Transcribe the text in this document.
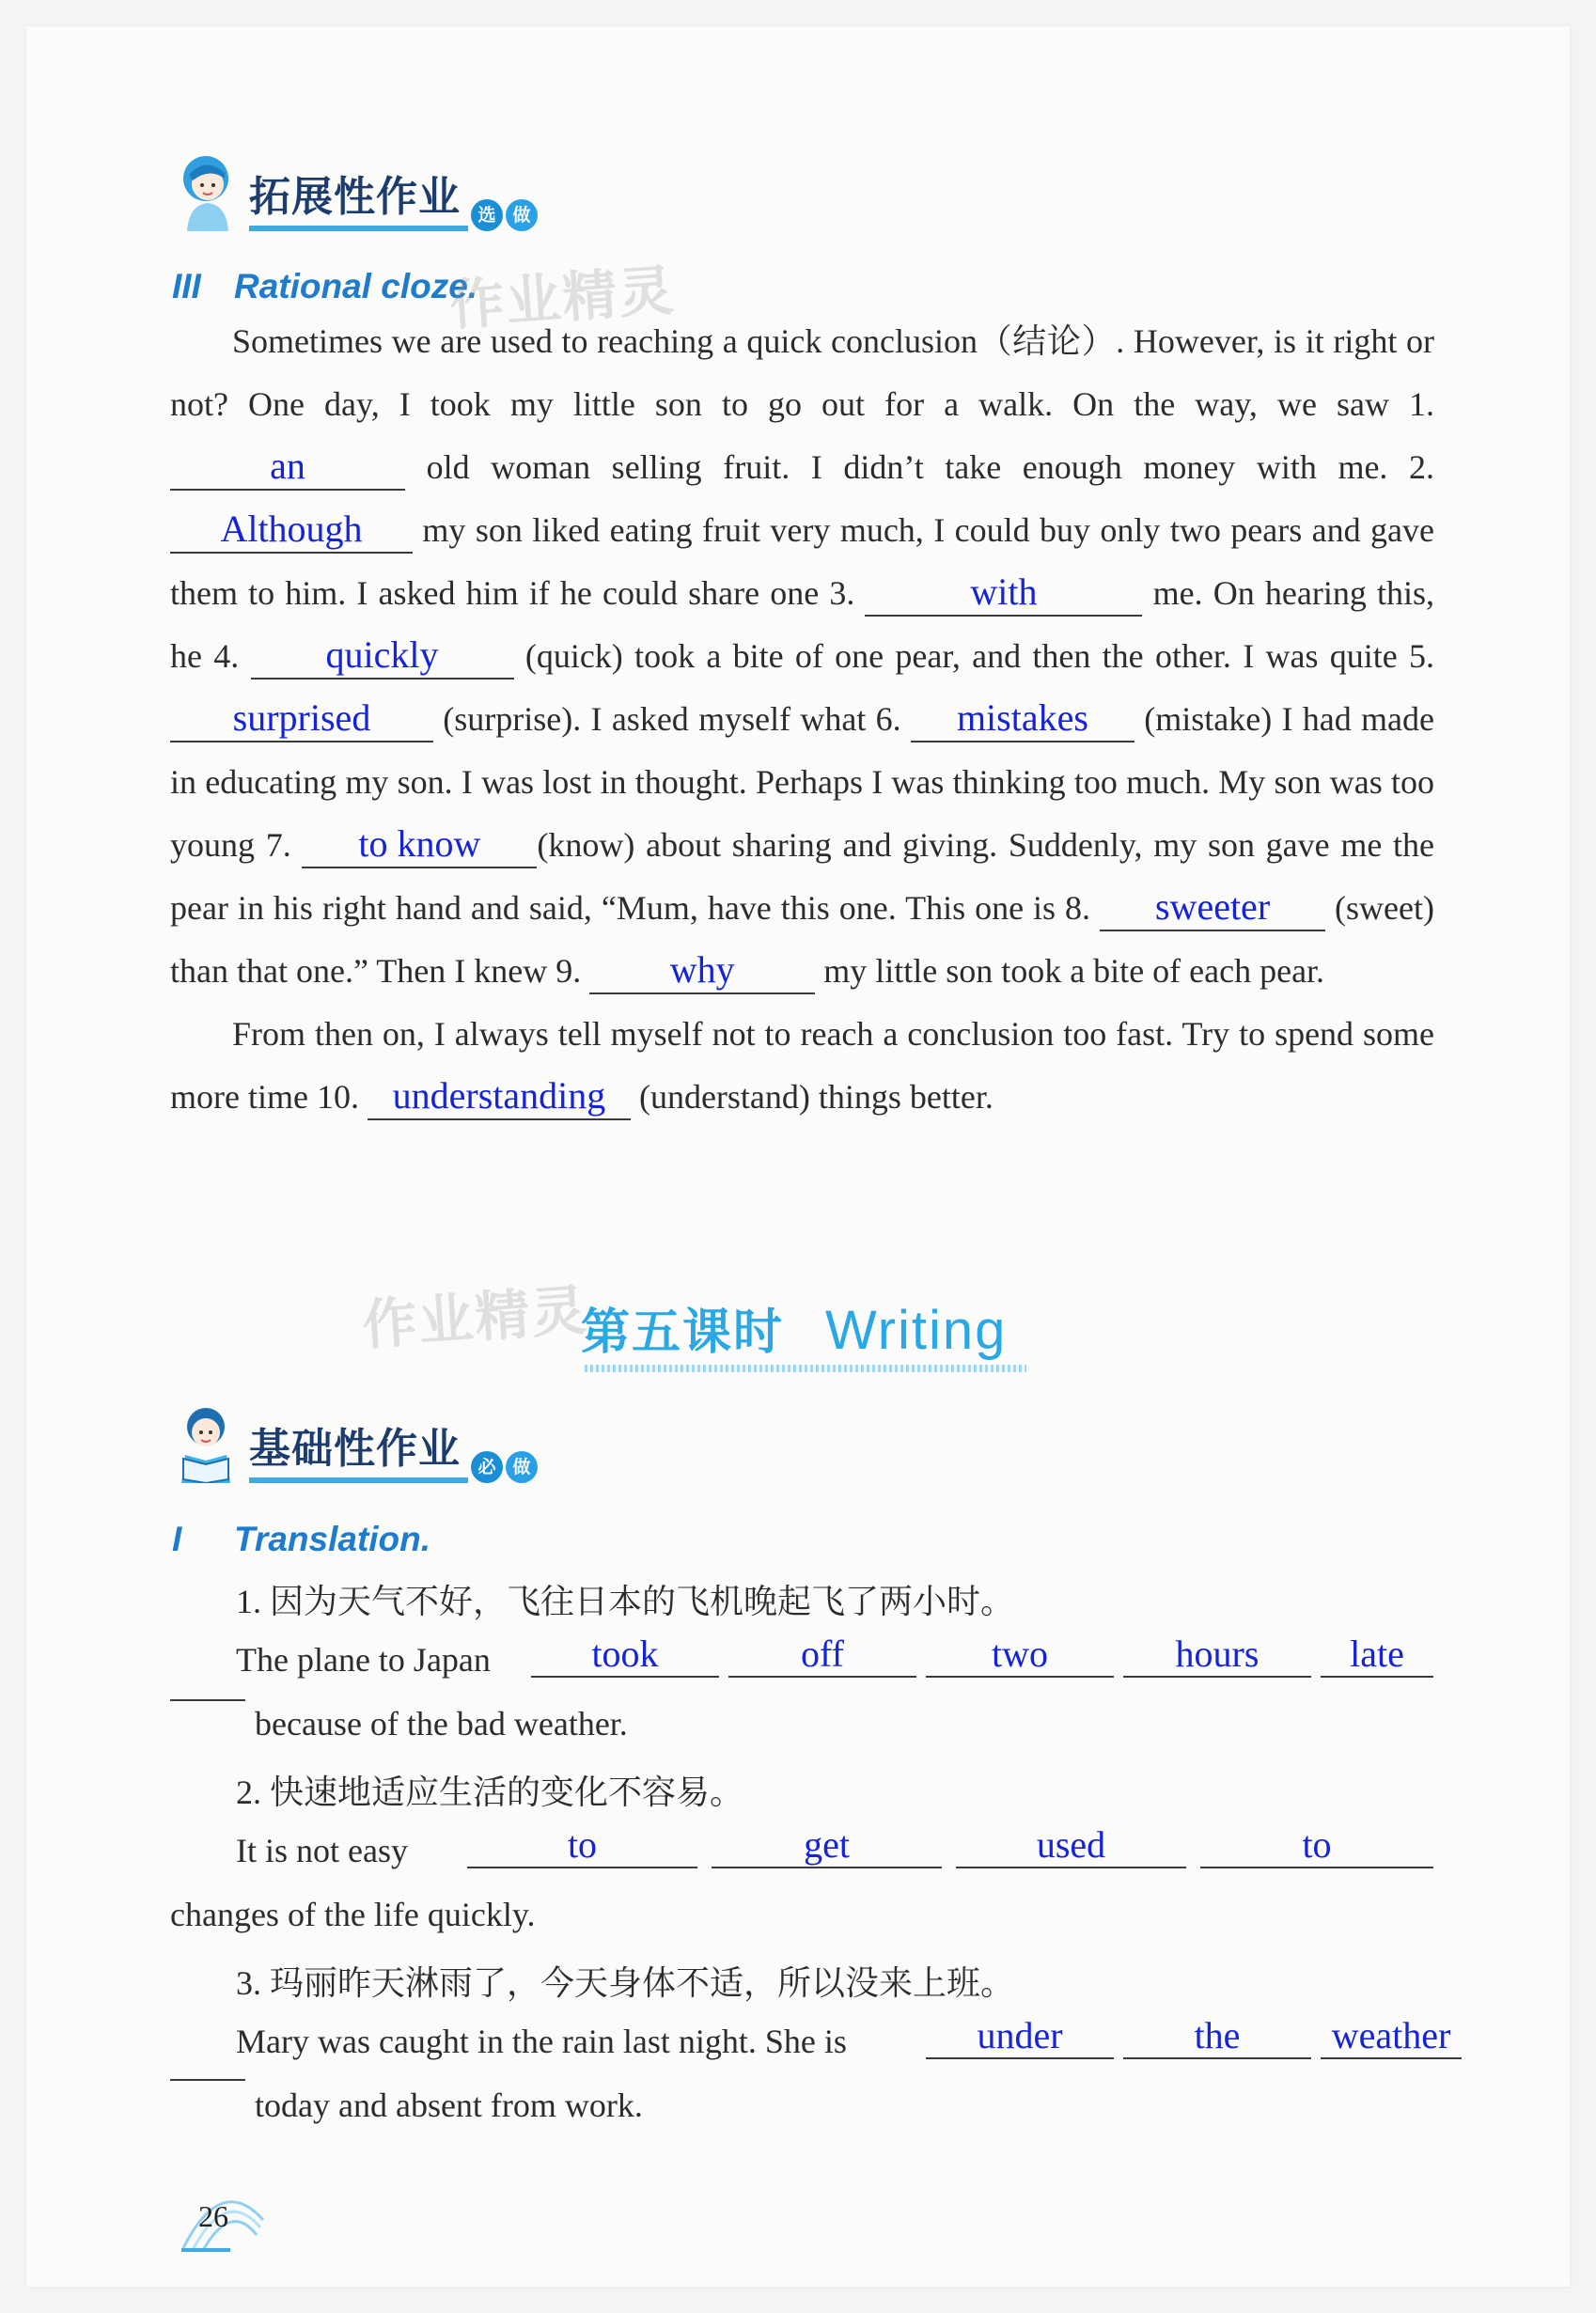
拓展性作业 选 做
III Rational cloze.
作业精灵

Sometimes we are used to reaching a quick conclusion（结论）. However, is it right or not? One day, I took my little son to go out for a walk. On the way, we saw 1. an	old woman selling fruit. I didn’t take enough money with me. 2. Although my son liked eating fruit very much, I could buy only two pears and gave them to him. I asked him if he could share one 3.	with	me. On hearing this, he 4. quickly (quick) took a bite of one pear, and then the other. I was quite 5. surprised (surprise). I asked myself what 6. mistakes (mistake) I had made in educating my son. I was lost in thought. Perhaps I was thinking too much. My son was too young 7. to know (know) about sharing and giving. Suddenly, my son gave me the pear in his right hand and said, “Mum, have this one. This one is 8. sweeter (sweet) than that one.” Then I knew 9. why my little son took a bite of each pear.

From then on, I always tell myself not to reach a conclusion too fast. Try to spend some more time 10. understanding (understand) things better.

作业精灵
第五课时 Writing
基础性作业 必 做
I Translation.
1. 因为天气不好，飞往日本的飞机晚起飞了两小时。
The plane to Japan	took	off	two	hours	late
because of the bad weather.
2. 快速地适应生活的变化不容易。
It is not easy	to	get	used	to
changes of the life quickly.
3. 玛丽昨天淋雨了，今天身体不适，所以没来上班。
Mary was caught in the rain last night. She is	under	the	weather
today and absent from work.
26
